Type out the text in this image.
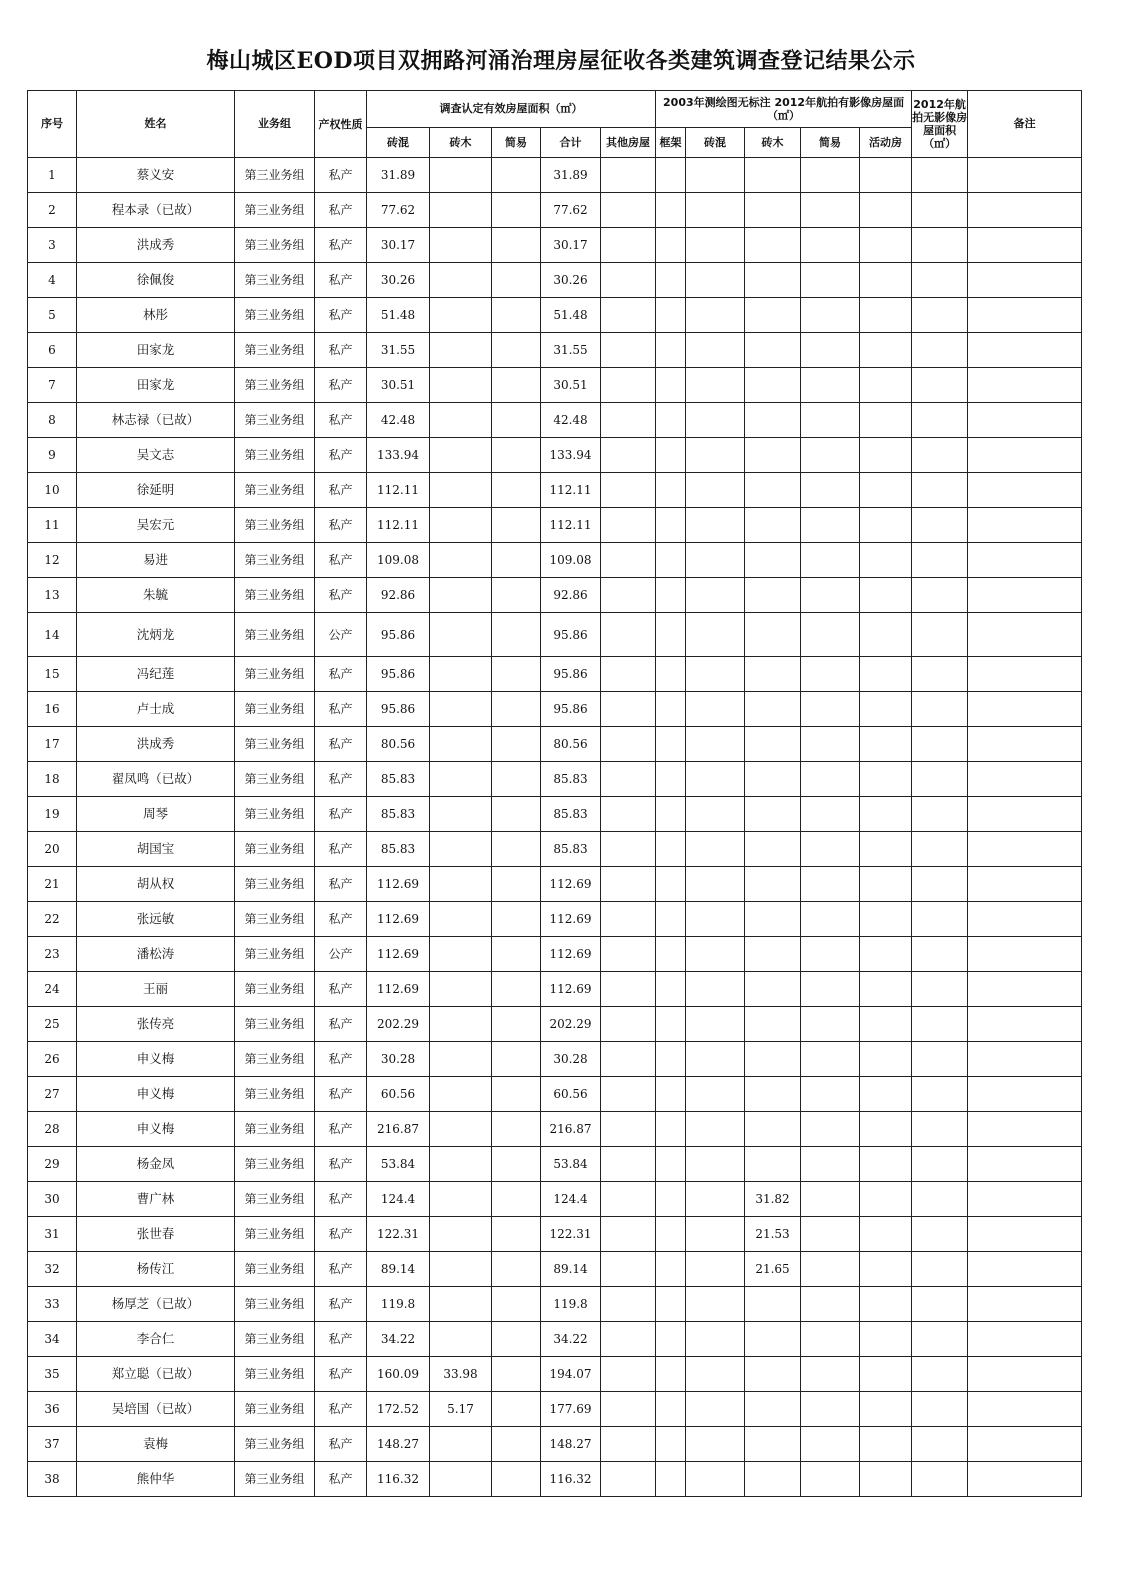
梅山城区EOD项目双拥路河涌治理房屋征收各类建筑调查登记结果公示
序号	姓名	业务组	产权性质	调查认定有效房屋面积（㎡）					2003年测绘图无标注 2012年航拍有影像房屋面（㎡）					2012年航拍无影像房屋面积（㎡）	备注
				砖混	砖木	简易	合计	其他房屋	框架	砖混	砖木	简易	活动房		
1	蔡义安	第三业务组	私产	31.89			31.89								
2	程本录（已故）	第三业务组	私产	77.62			77.62								
3	洪成秀	第三业务组	私产	30.17			30.17								
4	徐佩俊	第三业务组	私产	30.26			30.26								
5	林彤	第三业务组	私产	51.48			51.48								
6	田家龙	第三业务组	私产	31.55			31.55								
7	田家龙	第三业务组	私产	30.51			30.51								
8	林志禄（已故）	第三业务组	私产	42.48			42.48								
9	吴文志	第三业务组	私产	133.94			133.94								
10	徐延明	第三业务组	私产	112.11			112.11								
11	吴宏元	第三业务组	私产	112.11			112.11								
12	易进	第三业务组	私产	109.08			109.08								
13	朱毓	第三业务组	私产	92.86			92.86								
14	沈炳龙	第三业务组	公产	95.86			95.86								
15	冯纪莲	第三业务组	私产	95.86			95.86								
16	卢士成	第三业务组	私产	95.86			95.86								
17	洪成秀	第三业务组	私产	80.56			80.56								
18	翟凤鸣（已故）	第三业务组	私产	85.83			85.83								
19	周琴	第三业务组	私产	85.83			85.83								
20	胡国宝	第三业务组	私产	85.83			85.83								
21	胡从权	第三业务组	私产	112.69			112.69								
22	张远敏	第三业务组	私产	112.69			112.69								
23	潘松涛	第三业务组	公产	112.69			112.69								
24	王丽	第三业务组	私产	112.69			112.69								
25	张传亮	第三业务组	私产	202.29			202.29								
26	申义梅	第三业务组	私产	30.28			30.28								
27	申义梅	第三业务组	私产	60.56			60.56								
28	申义梅	第三业务组	私产	216.87			216.87								
29	杨金凤	第三业务组	私产	53.84			53.84								
30	曹广林	第三业务组	私产	124.4			124.4				31.82				
31	张世春	第三业务组	私产	122.31			122.31				21.53				
32	杨传江	第三业务组	私产	89.14			89.14				21.65				
33	杨厚芝（已故）	第三业务组	私产	119.8			119.8								
34	李合仁	第三业务组	私产	34.22			34.22								
35	郑立聪（已故）	第三业务组	私产	160.09	33.98		194.07								
36	吴培国（已故）	第三业务组	私产	172.52	5.17		177.69								
37	袁梅	第三业务组	私产	148.27			148.27								
38	熊仲华	第三业务组	私产	116.32			116.32								
